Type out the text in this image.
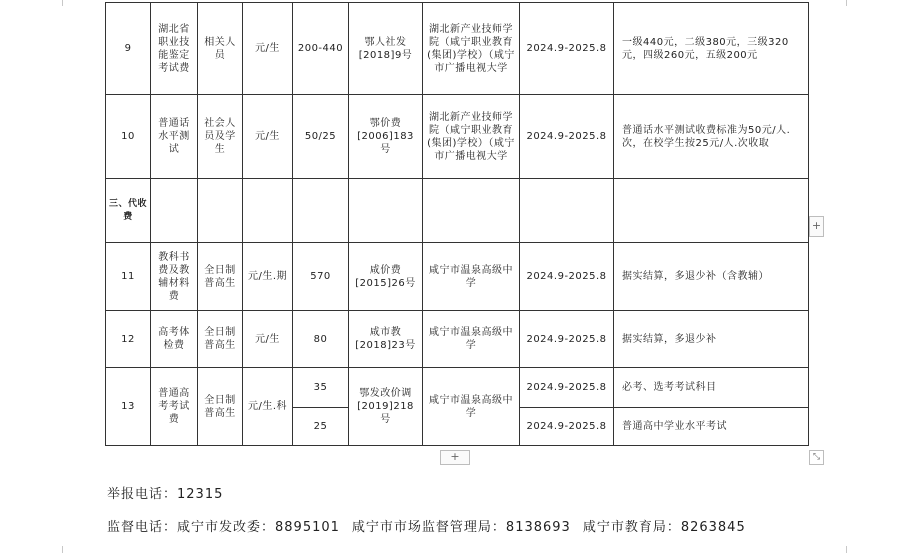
9	湖北省职业技能鉴定考试费	相关人员	元/生	200-440	鄂人社发[2018]9号	湖北新产业技师学院（咸宁职业教育(集团)学校）（咸宁市广播电视大学	2024.9-2025.8	一级440元，二级380元，三级320元，四级260元，五级200元
10	普通话水平测试	社会人员及学生	元/生	50/25	鄂价费[2006]183号	湖北新产业技师学院（咸宁职业教育(集团)学校）（咸宁市广播电视大学	2024.9-2025.8	普通话水平测试收费标准为50元/人.次，在校学生按25元/人.次收取
三、代收费								
11	教科书费及教辅材料费	全日制普高生	元/生.期	570	咸价费[2015]26号	咸宁市温泉高级中学	2024.9-2025.8	据实结算，多退少补（含教辅）
12	高考体检费	全日制普高生	元/生	80	咸市教[2018]23号	咸宁市温泉高级中学	2024.9-2025.8	据实结算，多退少补
13	普通高考考试费	全日制普高生	元/生.科	35	鄂发改价调[2019]218号	咸宁市温泉高级中学	2024.9-2025.8	必考、选考考试科目
				25			2024.9-2025.8	普通高中学业水平考试
+
+	⤡
举报电话：12315
监督电话：咸宁市发改委：8895101 咸宁市市场监督管理局：8138693 咸宁市教育局：8263845
